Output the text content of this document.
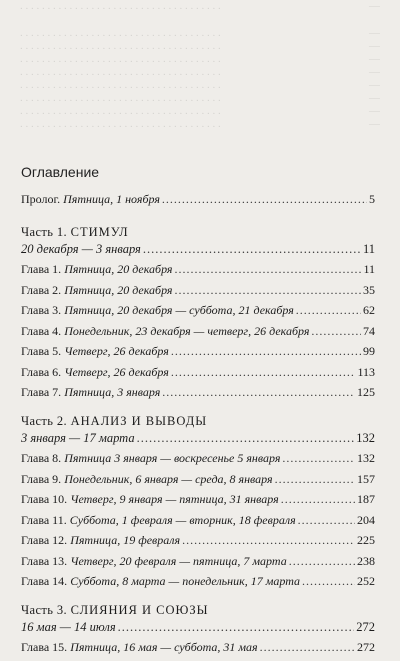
. . . . . . . . . . . . . . . . . . . . . . . . . . . . . . . . . . . . .	—
. . . . . . . . . . . . . . . . . . . . . . . . . . . . . . . . . . . . .	—
. . . . . . . . . . . . . . . . . . . . . . . . . . . . . . . . . . . . .	—
. . . . . . . . . . . . . . . . . . . . . . . . . . . . . . . . . . . . .	—
. . . . . . . . . . . . . . . . . . . . . . . . . . . . . . . . . . . . .	—
. . . . . . . . . . . . . . . . . . . . . . . . . . . . . . . . . . . . .	—
. . . . . . . . . . . . . . . . . . . . . . . . . . . . . . . . . . . . .	—
. . . . . . . . . . . . . . . . . . . . . . . . . . . . . . . . . . . . .	—
. . . . . . . . . . . . . . . . . . . . . . . . . . . . . . . . . . . . .	—
Оглавление
Пролог. Пятница, 1 ноября .....	5
Часть 1. СТИМУЛ
20 декабря — 3 января .....	11
Глава 1. Пятница, 20 декабря .....	11
Глава 2. Пятница, 20 декабря .....	35
Глава 3. Пятница, 20 декабря — суббота, 21 декабря .....	62
Глава 4. Понедельник, 23 декабря — четверг, 26 декабря .....	74
Глава 5. Четверг, 26 декабря .....	99
Глава 6. Четверг, 26 декабря .....	113
Глава 7. Пятница, 3 января .....	125
Часть 2. АНАЛИЗ И ВЫВОДЫ
3 января — 17 марта .....	132
Глава 8. Пятница 3 января — воскресенье 5 января .....	132
Глава 9. Понедельник, 6 января — среда, 8 января .....	157
Глава 10. Четверг, 9 января — пятница, 31 января .....	187
Глава 11. Суббота, 1 февраля — вторник, 18 февраля .....	204
Глава 12. Пятница, 19 февраля .....	225
Глава 13. Четверг, 20 февраля — пятница, 7 марта .....	238
Глава 14. Суббота, 8 марта — понедельник, 17 марта .....	252
Часть 3. СЛИЯНИЯ И СОЮЗЫ
16 мая — 14 июля .....	272
Глава 15. Пятница, 16 мая — суббота, 31 мая .....	272
